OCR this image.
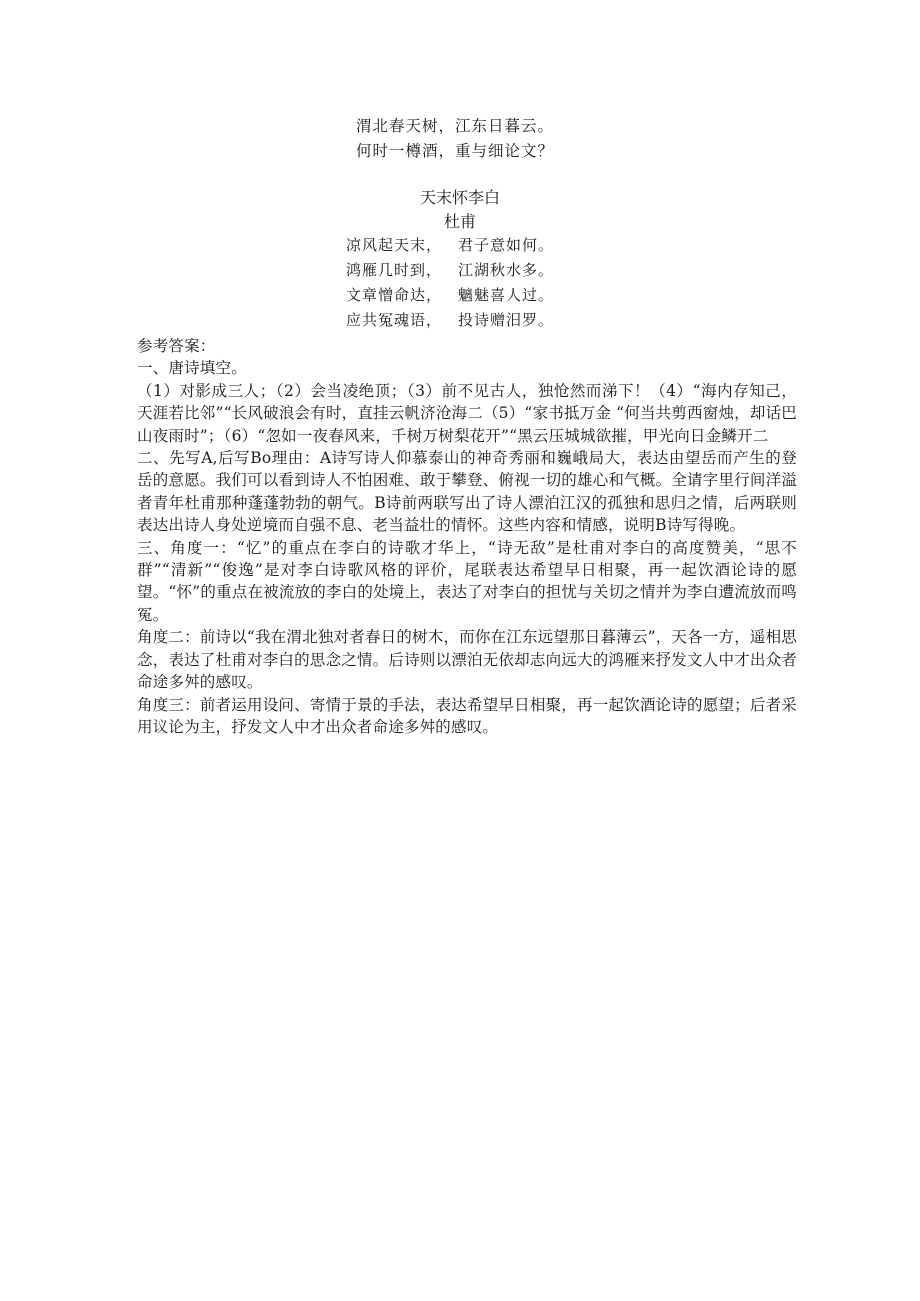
渭北春天树，江东日暮云。
何时一樽酒，重与细论文？
天末怀李白
杜甫
凉风起天末，	君子意如何。
鸿雁几时到，	江湖秋水多。
文章憎命达，	魑魅喜人过。
应共冤魂语，	投诗赠汨罗。

参考答案：

一、唐诗填空。

（1）对影成三人；（2）会当凌绝顶；（3）前不见古人，独怆然而涕下！（4）“海内存知己，天涯若比邻”“长风破浪会有时，直挂云帆济沧海二（5）“家书抵万金 “何当共剪西窗烛，却话巴山夜雨时”；（6）“忽如一夜春风来，千树万树梨花开”“黑云压城城欲摧，甲光向日金鳞开二

二、先写A,后写Bo理由：A诗写诗人仰慕泰山的神奇秀丽和巍峨局大，表达由望岳而产生的登岳的意愿。我们可以看到诗人不怕困难、敢于攀登、俯视一切的雄心和气概。全请字里行间洋溢者青年杜甫那种蓬蓬勃勃的朝气。B诗前两联写出了诗人漂泊江汉的孤独和思归之情，后两联则表达出诗人身处逆境而自强不息、老当益壮的情怀。这些内容和情感，说明B诗写得晚。

三、角度一：“忆”的重点在李白的诗歌才华上，“诗无敌”是杜甫对李白的高度赞美，“思不群”“清新”“俊逸”是对李白诗歌风格的评价，尾联表达希望早日相聚，再一起饮酒论诗的愿望。“怀”的重点在被流放的李白的处境上，表达了对李白的担忧与关切之情并为李白遭流放而鸣冤。

角度二：前诗以“我在渭北独对者春日的树木，而你在江东远望那日暮薄云”，天各一方，遥相思念，表达了杜甫对李白的思念之情。后诗则以漂泊无依却志向远大的鸿雁来抒发文人中才出众者命途多舛的感叹。

角度三：前者运用设问、寄情于景的手法，表达希望早日相聚，再一起饮酒论诗的愿望；后者采用议论为主，抒发文人中才出众者命途多舛的感叹。
